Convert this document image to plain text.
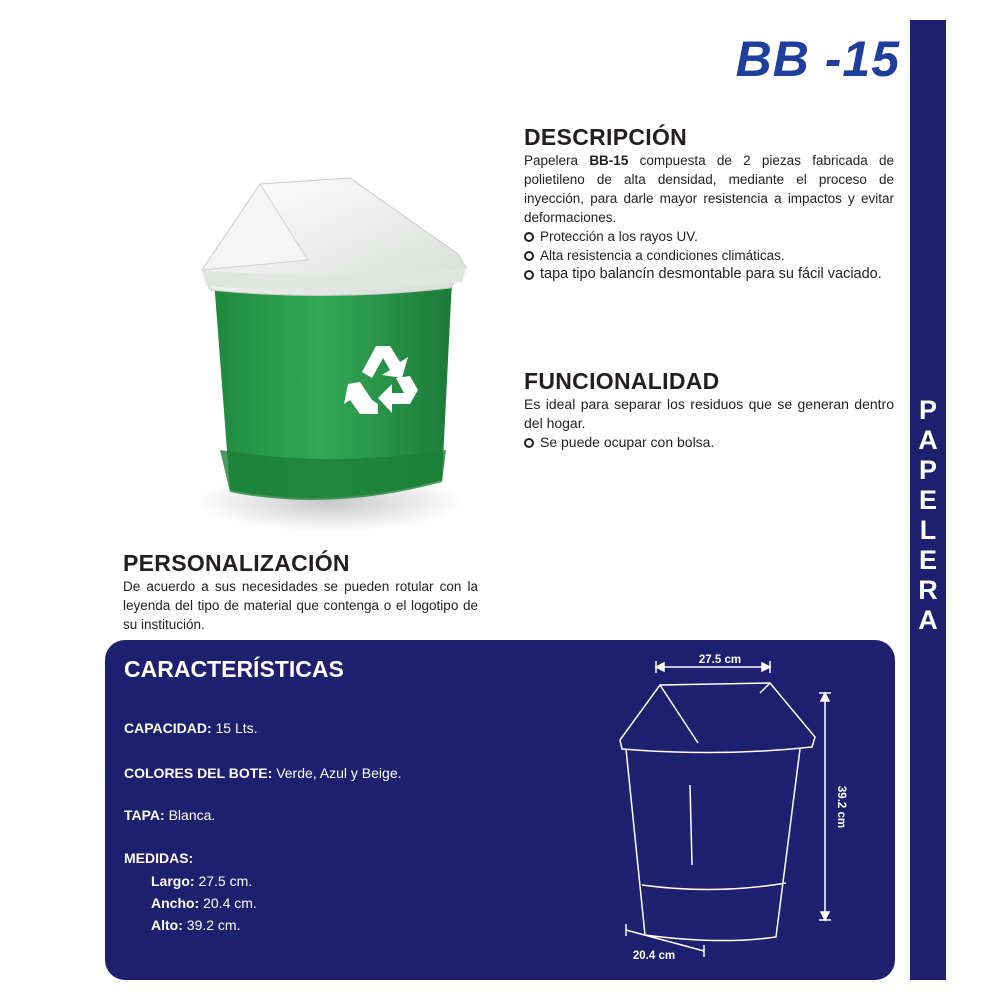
P
A
P
E
L
E
R
A
BB -15
DESCRIPCIÓN
Papelera BB-15 compuesta de 2 piezas fabricada de polietileno de alta densidad, mediante el proceso de inyección, para darle mayor resistencia a impactos y evitar deformaciones.
Protección a los rayos UV.
Alta resistencia a condiciones climáticas.
tapa tipo balancín desmontable para su fácil vaciado.
FUNCIONALIDAD
Es ideal para separar los residuos que se generan dentro del hogar.
Se puede ocupar con bolsa.
PERSONALIZACIÓN
De acuerdo a sus necesidades se pueden rotular con la leyenda del tipo de material que contenga o el logotipo de su institución.
CARACTERÍSTICAS
CAPACIDAD: 15 Lts.
COLORES DEL BOTE: Verde, Azul y Beige.
TAPA: Blanca.
MEDIDAS:
Largo: 27.5 cm.
Ancho: 20.4 cm.
Alto: 39.2 cm.
27.5 cm
39.2 cm
20.4 cm
